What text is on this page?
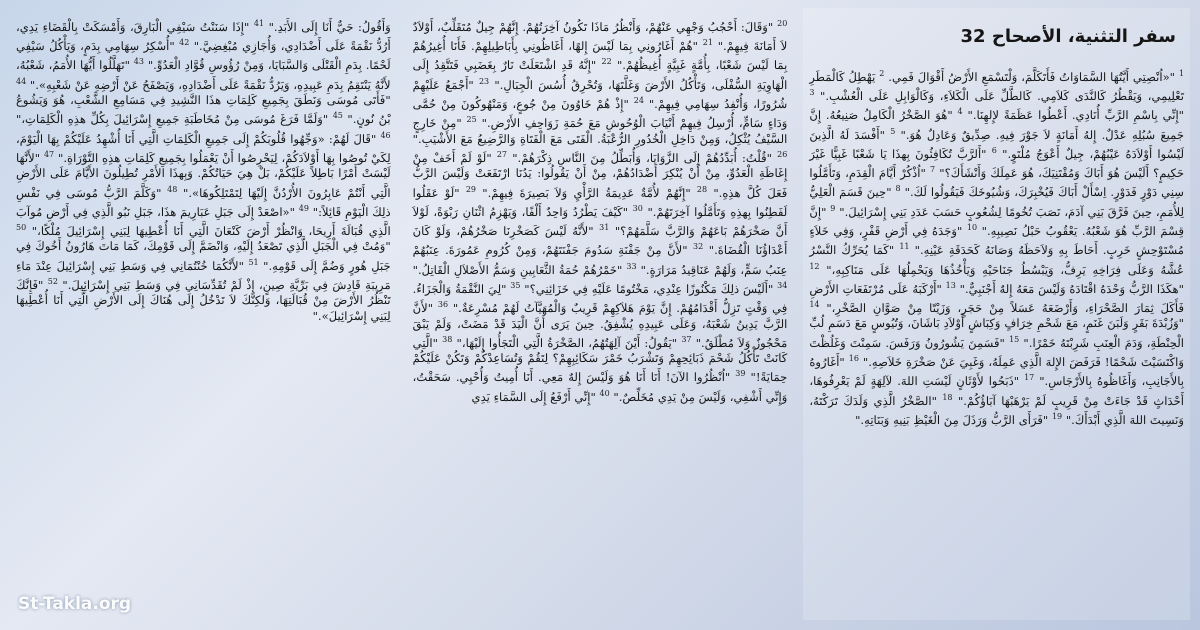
سفر التثنية، الأصحاح 32
$^1$ "«اُنْصِتِي أَيَّتُهَا السَّمَاوَاتُ فَأَتَكَلَّمَ، وَلْتَسْمَعِ الأَرْضُ أَقْوَالَ فَمِي. $^2$ يَهْطِلُ كَالْمَطَرِ تَعْلِيمِي، وَيَقْطُرُ كَالنَّدَى كَلاَمِي. كَالطَّلِّ عَلَى الْكَلاَءِ، وَكَالْوَابِلِ عَلَى الْعُشْبِ." $^3$ "إِنِّي بِاسْمِ الرَّبِّ أُنَادِي. أَعْطُوا عَظَمَةً لإِلهِنَا." $^4$ "هُوَ الصَّخْرُ الْكَامِلُ صَنِيعُهُ. إِنَّ جَمِيعَ سُبُلِهِ عَدْلٌ. إِلهُ أَمَانَةٍ لاَ جَوْرَ فِيهِ. صِدِّيقٌ وَعَادِلٌ هُوَ." $^5$ "أَفْسَدَ لَهُ الَّذِينَ لَيْسُوا أَوْلاَدَهُ عَيْبُهُمْ، جِيلٌ أَعْوَجُ مُلْتَوٍ." $^6$ "أَلرَّبَّ تُكَافِئُونَ بِهذَا يَا شَعْبًا غَبِيًّا غَيْرَ حَكِيمٍ؟ أَلَيْسَ هُوَ أَبَاكَ وَمُقْتَنِيَكَ، هُوَ عَمِلَكَ وَأَنْشَأَكَ؟" $^7$ "اُذْكُرْ أَيَّامَ الْقِدَمِ، وَتَأَمَّلُوا سِنِي دَوْرٍ فَدَوْرٍ. اِسْأَلْ أَبَاكَ فَيُخْبِرَكَ، وَشُيُوخَكَ فَيَقُولُوا لَكَ." $^8$ "حِينَ قَسَمَ الْعَلِيُّ لِلأُمَمِ، حِينَ فَرَّقَ بَنِي آدَمَ، نَصَبَ تُخُومًا لِشُعُوبٍ حَسَبَ عَدَدِ بَنِي إِسْرَائِيلَ." $^9$ "إِنَّ قِسْمَ الرَّبِّ هُوَ شَعْبُهُ. يَعْقُوبُ حَبْلُ نَصِيبِهِ." $^{10}$ "وَجَدَهُ فِي أَرْضِ قَفْرٍ، وَفِي خَلاَءٍ مُسْتَوْحِشٍ خَرِبٍ. أَحَاطَ بِهِ وَلاَحَظَهُ وَصَانَهُ كَحَدَقَةِ عَيْنِهِ." $^{11}$ "كَمَا يُحَرِّكُ النَّسْرُ عُشَّهُ وَعَلَى فِرَاخِهِ يَرِفُّ، وَيَبْسُطُ جَنَاحَيْهِ وَيَأْخُذُهَا وَيَحْمِلُهَا عَلَى مَنَاكِبِهِ،" $^{12}$ "هكَذَا الرَّبُّ وَحْدَهُ اقْتَادَهُ وَلَيْسَ مَعَهُ إِلهٌ أَجْنَبِيٌّ." $^{13}$ "أَرْكَبَهُ عَلَى مُرْتَفَعَاتِ الأَرْضِ فَأَكَلَ ثِمَارَ الصَّحْرَاءِ، وَأَرْضَعَهُ عَسَلاً مِنْ حَجَرٍ، وَزَيْتًا مِنْ صَوَّانِ الصَّخْرِ،" $^{14}$ "وَزُبْدَةَ بَقَرٍ وَلَبَنَ غَنَمٍ، مَعَ شَحْمِ خِرَافٍ وَكِبَاشٍ أَوْلاَدِ بَاشَانَ، وَتُيُوسٍ مَعَ دَسَمِ لُبِّ الْحِنْطَةِ، وَدَمَ الْعِنَبِ شَرِبْتَهُ خَمْرًا." $^{15}$ "فَسَمِنَ يَشُورُونُ وَرَفَسَ. سَمِنْتَ وَغَلُظْتَ وَاكْتَسَيْتَ شَحْمًا! فَرَفَضَ الإِلهَ الَّذِي عَمِلَهُ، وَغَبِيَ عَنْ صَخْرَةِ خَلاَصِهِ." $^{16}$ "أَغَارُوهُ بِالأَجَانِبِ، وَأَغَاظُوهُ بِالأَرْجَاسِ." $^{17}$ "ذَبَحُوا لأَوْثَانٍ لَيْسَتِ اللهَ. لآلِهَةٍ لَمْ يَعْرِفُوهَا، أَحْدَاثٍ قَدْ جَاءَتْ مِنْ قَرِيبٍ لَمْ يَرْهَبْهَا آبَاؤُكُمْ." $^{18}$ "الصَّخْرُ الَّذِي وَلَدَكَ تَرَكْتَهُ، وَنَسِيتَ اللهَ الَّذِي أَبْدَأَكَ." $^{19}$ "فَرَأَى الرَّبُّ وَرَذَلَ مِنَ الْغَيْظِ بَنِيهِ وَبَنَاتِهِ."
$^{20}$ "وَقَالَ: أَحْجُبُ وَجْهِي عَنْهُمْ، وَأَنْظُرُ مَاذَا تَكُونُ آخِرَتُهُمْ. إِنَّهُمْ جِيلٌ مُتَقَلِّبٌ، أَوْلاَدٌ لاَ أَمَانَةَ فِيهِمْ." $^{21}$ "هُمْ أَغَارُونِي بِمَا لَيْسَ إِلهًا، أَغَاظُونِي بِأَبَاطِيلِهِمْ. فَأَنَا أُغِيرُهُمْ بِمَا لَيْسَ شَعْبًا، بِأُمَّةٍ غَبِيَّةٍ أُغِيظُهُمْ." $^{22}$ "إِنَّهُ قَدِ اشْتَعَلَتْ نَارٌ بِغَضَبِي فَتَتَّقِدُ إِلَى الْهَاوِيَةِ السُّفْلَى، وَتَأْكُلُ الأَرْضَ وَغَلَّتَهَا، وَتُحْرِقُ أُسُسَ الْجِبَالِ." $^{23}$ "أَجْمَعُ عَلَيْهِمْ شُرُورًا، وَأُنْفِدُ سِهَامِي فِيهِمْ." $^{24}$ "إِذْ هُمْ خَاوُونَ مِنْ جُوعٍ، وَمَنْهُوكُونَ مِنْ حُمَّى وَدَاءٍ سَامٍّ، أُرْسِلُ فِيهِمْ أَنْيَابَ الْوُحُوشِ مَعَ حُمَةِ زَوَاحِفِ الأَرْضِ." $^{25}$ "مِنْ خَارِجٍ السَّيْفُ يُثْكِلُ، وَمِنْ دَاخِلِ الْخُدُورِ الرُّعْبَةُ. الْفَتَى مَعَ الْفَتَاةِ وَالرَّضِيعُ مَعَ الأَشْيَبِ." $^{26}$ "قُلْتُ: أُبَدِّدُهُمْ إِلَى الزَّوَايَا، وَأُبَطِّلُ مِنَ النَّاسِ ذِكْرَهُمْ." $^{27}$ "لَوْ لَمْ أَخَفْ مِنْ إِغَاظَةِ الْعَدُوِّ، مِنْ أَنْ يُنْكِرَ أَضْدَادُهُمْ، مِنْ أَنْ يَقُولُوا: يَدُنَا ارْتَفَعَتْ وَلَيْسَ الرَّبُّ فَعَلَ كُلَّ هذِهِ." $^{28}$ "إِنَّهُمْ لأُمَّةٌ عَدِيمَةُ الرَّأْيِ وَلاَ بَصِيرَةَ فِيهِمْ." $^{29}$ "لَوْ عَقَلُوا لَفَطِنُوا بِهذِهِ وَتَأَمَّلُوا آخِرَتَهُمْ." $^{30}$ "كَيْفَ يَطْرُدُ وَاحِدٌ أَلْفًا، وَيَهْزِمُ اثْنَانِ رَبْوَةً، لَوْلاَ أَنَّ صَخْرَهُمْ بَاعَهُمْ وَالرَّبَّ سَلَّمَهُمْ؟" $^{31}$ "لأَنَّهُ لَيْسَ كَصَخْرِنَا صَخْرُهُمْ، وَلَوْ كَانَ أَعْدَاؤُنَا الْقُضَاةَ." $^{32}$ "لأَنَّ مِنْ جَفْنَةِ سَدُومَ جَفْنَتَهُمْ، وَمِنْ كُرُومِ عَمُورَةَ. عِنَبُهُمْ عِنَبُ سَمٍّ، وَلَهُمْ عَنَاقِيدُ مَرَارَةٍ." $^{33}$ "خَمْرُهُمْ حُمَةُ الثَّعَابِينِ وَسَمُّ الأَصْلاَلِ الْقَاتِلُ." $^{34}$ "أَلَيْسَ ذلِكَ مَكْنُوزًا عِنْدِي، مَخْتُومًا عَلَيْهِ فِي خَزَائِنِي؟" $^{35}$ "لِيَ النَّقْمَةُ وَالْجَزَاءُ. فِي وَقْتٍ تَزِلُّ أَقْدَامُهُمْ. إِنَّ يَوْمَ هَلاَكِهِمْ قَرِيبٌ وَالْمُهَيَّآتُ لَهُمْ مُسْرِعَةٌ." $^{36}$ "لأَنَّ الرَّبَّ يَدِينُ شَعْبَهُ، وَعَلَى عَبِيدِهِ يُشْفِقُ. حِينَ يَرَى أَنَّ الْيَدَ قَدْ مَضَتْ، وَلَمْ يَبْقَ مَحْجُوزٌ وَلاَ مُطْلَقٌ." $^{37}$ "يَقُولُ: أَيْنَ آلِهَتُهُمُ، الصَّخْرَةُ الَّتِي الْتَجَأُوا إِلَيْهَا،" $^{38}$ "الَّتِي كَانَتْ تَأْكُلُ شَحْمَ ذَبَائِحِهِمْ وَتَشْرَبُ خَمْرَ سَكَائِبِهِمْ؟ لِتَقُمْ وَتُسَاعِدْكُمْ وَتَكُنْ عَلَيْكُمْ حِمَايَةً!" $^{39}$ "اُنْظُرُوا الآنَ! أَنَا أَنَا هُوَ وَلَيْسَ إِلهٌ مَعِي. أَنَا أُمِيتُ وَأُحْيِي. سَحَقْتُ، وَإِنِّي أَشْفِي، وَلَيْسَ مِنْ يَدِي مُخَلِّصٌ." $^{40}$ "إِنِّي أَرْفَعُ إِلَى السَّمَاءِ يَدِي
وَأَقُولُ: حَيٌّ أَنَا إِلَى الأَبَدِ." $^{41}$ "إِذَا سَنَنْتُ سَيْفِي الْبَارِقَ، وَأَمْسَكَتْ بِالْقَضَاءِ يَدِي، أَرُدُّ نَقْمَةً عَلَى أَضْدَادِي، وَأُجَازِي مُبْغِضِيَّ." $^{42}$ "أُسْكِرُ سِهَامِي بِدَمٍ، وَيَأْكُلُ سَيْفِي لَحْمًا. بِدَمِ الْقَتْلَى وَالسَّبَايَا، وَمِنْ رُؤُوسِ قُوَّادِ الْعَدُوِّ." $^{43}$ "تَهَلَّلُوا أَيُّهَا الأُمَمُ، شَعْبُهُ، لأَنَّهُ يَنْتَقِمُ بِدَمِ عَبِيدِهِ، وَيَرُدُّ نَقْمَةً عَلَى أَضْدَادِهِ، وَيَصْفَحُ عَنْ أَرْضِهِ عَنْ شَعْبِهِ»." $^{44}$ "فَأَتَى مُوسَى وَنَطَقَ بِجَمِيعِ كَلِمَاتِ هذَا النَّشِيدِ فِي مَسَامِعِ الشَّعْبِ، هُوَ وَيَشُوعُ بْنُ نُونٍ." $^{45}$ "وَلَمَّا فَرَغَ مُوسَى مِنْ مُخَاطَبَةِ جَمِيعِ إِسْرَائِيلَ بِكُلِّ هذِهِ الْكَلِمَاتِ،" $^{46}$ "قَالَ لَهُمْ: «وَجِّهُوا قُلُوبَكُمْ إِلَى جَمِيعِ الْكَلِمَاتِ الَّتِي أَنَا أُشْهِدُ عَلَيْكُمْ بِهَا الْيَوْمَ، لِكَيْ تُوصُوا بِهَا أَوْلاَدَكُمْ، لِيَحْرِصُوا أَنْ يَعْمَلُوا بِجَمِيعِ كَلِمَاتِ هذِهِ التَّوْرَاةِ." $^{47}$ "لأَنَّهَا لَيْسَتْ أَمْرًا بَاطِلاً عَلَيْكُمْ، بَلْ هِيَ حَيَاتُكُمْ. وَبِهذَا الأَمْرِ تُطِيلُونَ الأَيَّامَ عَلَى الأَرْضِ الَّتِي أَنْتُمْ عَابِرُونَ الأُرْدُنَّ إِلَيْهَا لِتَمْتَلِكُوهَا»." $^{48}$ "وَكَلَّمَ الرَّبُّ مُوسَى فِي نَفْسِ ذلِكَ الْيَوْمِ قَائِلاً:" $^{49}$ "«اصْعَدْ إِلَى جَبَلِ عَبَارِيمَ هذَا، جَبَلِ نَبُو الَّذِي فِي أَرْضِ مُوآبَ الَّذِي قُبَالَةَ أَرِيحَا، وَانْظُرْ أَرْضَ كَنْعَانَ الَّتِي أَنَا أُعْطِيهَا لِبَنِي إِسْرَائِيلَ مُلْكًا،" $^{50}$ "وَمُتْ فِي الْجَبَلِ الَّذِي تَصْعَدُ إِلَيْهِ، وَانْضَمَّ إِلَى قَوْمِكَ، كَمَا مَاتَ هَارُونُ أَخُوكَ فِي جَبَلِ هُورٍ وَضُمَّ إِلَى قَوْمِهِ." $^{51}$ "لأَنَّكُمَا خُنْتُمَانِي فِي وَسَطِ بَنِي إِسْرَائِيلَ عِنْدَ مَاءِ مَرِيبَةِ قَادِشَ فِي بَرِّيَّةِ صِينٍ، إِذْ لَمْ تُقَدِّسَانِي فِي وَسَطِ بَنِي إِسْرَائِيلَ." $^{52}$ "فَإِنَّكَ تَنْظُرُ الأَرْضَ مِنْ قُبَالَتِهَا، وَلكِنَّكَ لاَ تَدْخُلُ إِلَى هُنَاكَ إِلَى الأَرْضِ الَّتِي أَنَا أُعْطِيهَا لِبَنِي إِسْرَائِيلَ»."
St-Takla.org
